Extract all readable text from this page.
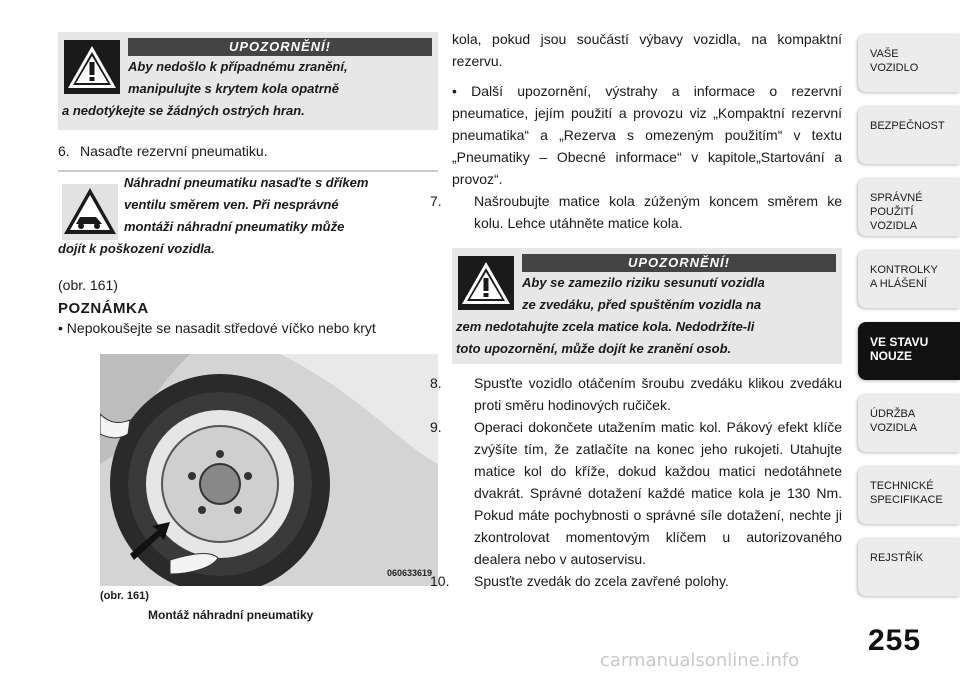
UPOZORNĚNÍ!
Aby nedošlo k případnému zranění,
manipulujte s krytem kola opatrně
a nedotýkejte se žádných ostrých hran.
6. Nasaďte rezervní pneumatiku.
Náhradní pneumatiku nasaďte s dříkem
ventilu směrem ven. Při nesprávné
montáži náhradní pneumatiky může
dojít k poškození vozidla.
(obr. 161)
POZNÁMKA
• Nepokoušejte se nasadit středové víčko nebo kryt
060633619
(obr. 161)
Montáž náhradní pneumatiky
kola, pokud jsou součástí výbavy vozidla, na kompaktní rezervu.
• Další upozornění, výstrahy a informace o rezervní pneumatice, jejím použití a provozu viz „Kompaktní rezervní pneumatika“ a „Rezerva s omezeným použitím“ v textu „Pneumatiky – Obecné informace“ v kapitole„Startování a provoz“.
7. Našroubujte matice kola zúženým koncem směrem ke kolu. Lehce utáhněte matice kola.
UPOZORNĚNÍ!
Aby se zamezilo riziku sesunutí vozidla
ze zvedáku, před spuštěním vozidla na
zem nedotahujte zcela matice kola. Nedodržíte-li
toto upozornění, může dojít ke zranění osob.
8. Spusťte vozidlo otáčením šroubu zvedáku klikou zvedáku proti směru hodinových ručiček.
9. Operaci dokončete utažením matic kol. Pákový efekt klíče zvýšíte tím, že zatlačíte na konec jeho rukojeti. Utahujte matice kol do kříže, dokud každou matici nedotáhnete dvakrát. Správné dotažení každé matice kola je 130 Nm. Pokud máte pochybnosti o správné síle dotažení, nechte ji zkontrolovat momentovým klíčem u autorizovaného dealera nebo v autoservisu.
10. Spusťte zvedák do zcela zavřené polohy.
VAŠE
VOZIDLO
BEZPEČNOST
SPRÁVNÉ
POUŽITÍ
VOZIDLA
KONTROLKY
A HLÁŠENÍ
VE STAVU
NOUZE
ÚDRŽBA
VOZIDLA
TECHNICKÉ
SPECIFIKACE
REJSTŘÍK
255
carmanualsonline.info
